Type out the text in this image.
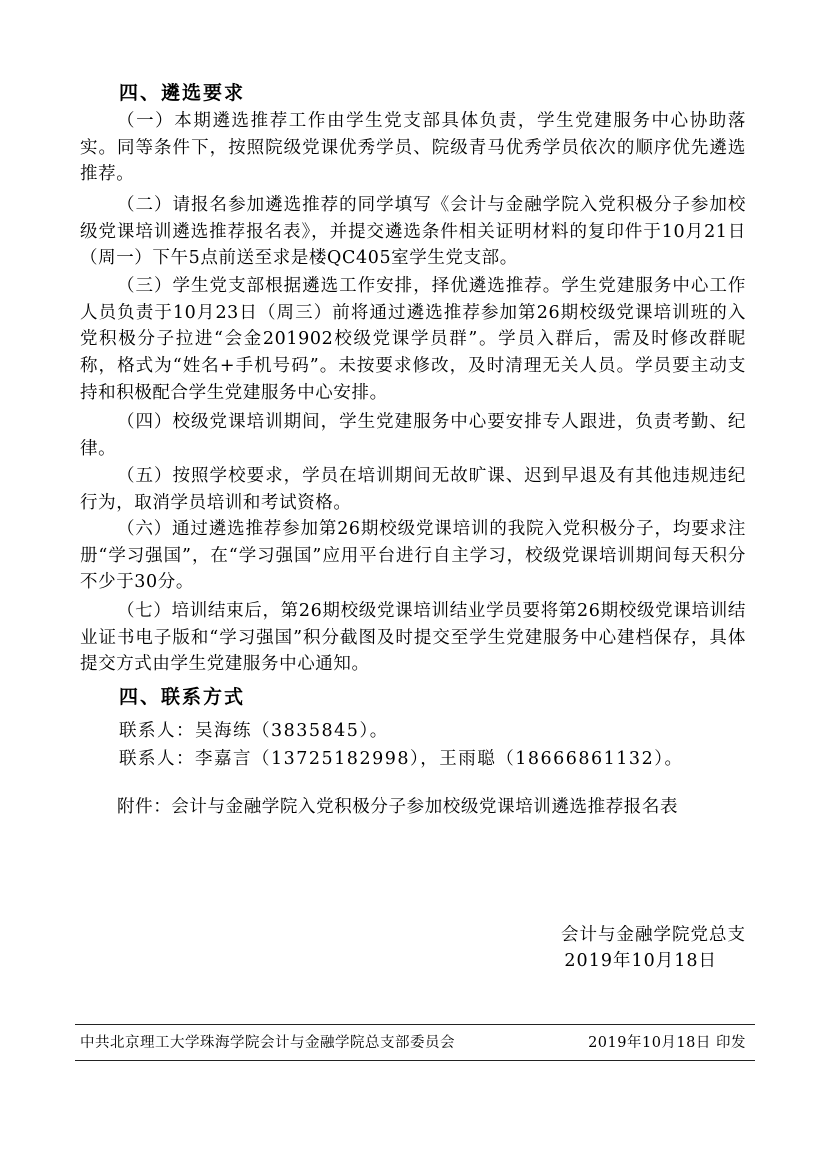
四、遴选要求
（一）本期遴选推荐工作由学生党支部具体负责，学生党建服务中心协助落实。同等条件下，按照院级党课优秀学员、院级青马优秀学员依次的顺序优先遴选推荐。
（二）请报名参加遴选推荐的同学填写《会计与金融学院入党积极分子参加校级党课培训遴选推荐报名表》，并提交遴选条件相关证明材料的复印件于10月21日（周一）下午5点前送至求是楼QC405室学生党支部。
（三）学生党支部根据遴选工作安排，择优遴选推荐。学生党建服务中心工作人员负责于10月23日（周三）前将通过遴选推荐参加第26期校级党课培训班的入党积极分子拉进“会金201902校级党课学员群”。学员入群后，需及时修改群昵称，格式为“姓名+手机号码”。未按要求修改，及时清理无关人员。学员要主动支持和积极配合学生党建服务中心安排。
（四）校级党课培训期间，学生党建服务中心要安排专人跟进，负责考勤、纪律。
（五）按照学校要求，学员在培训期间无故旷课、迟到早退及有其他违规违纪行为，取消学员培训和考试资格。
（六）通过遴选推荐参加第26期校级党课培训的我院入党积极分子，均要求注册“学习强国”，在“学习强国”应用平台进行自主学习，校级党课培训期间每天积分不少于30分。
（七）培训结束后，第26期校级党课培训结业学员要将第26期校级党课培训结业证书电子版和“学习强国”积分截图及时提交至学生党建服务中心建档保存，具体提交方式由学生党建服务中心通知。
四、联系方式
联系人：吴海练（3835845）。
联系人：李嘉言（13725182998），王雨聪（18666861132）。
附件：会计与金融学院入党积极分子参加校级党课培训遴选推荐报名表
会计与金融学院党总支
2019年10月18日
中共北京理工大学珠海学院会计与金融学院总支部委员会	2019年10月18日 印发
